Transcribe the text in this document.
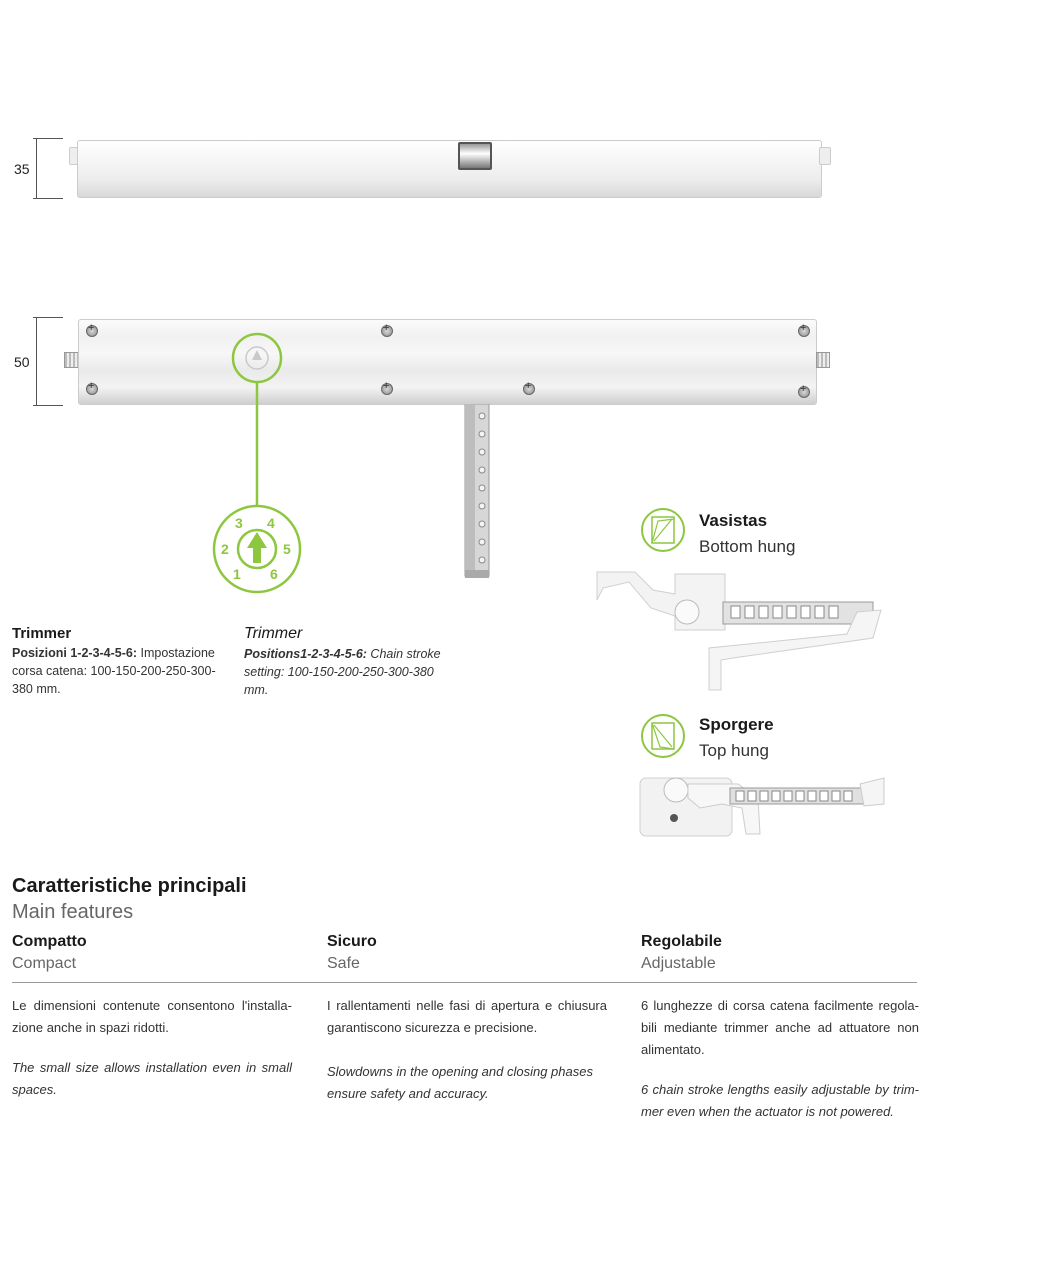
35
50
+
+
+
+
+
+
+
3 4
2	5
1 6
Trimmer
Posizioni 1-2-3-4-5-6: Impostazione corsa catena: 100-150-200-250-300-380 mm.
Trimmer
Positions1-2-3-4-5-6: Chain stroke setting: 100-150-200-250-300-380 mm.
Vasistas
Bottom hung
Sporgere
Top hung
Caratteristiche principali
Main features
Compatto
Compact
Sicuro
Safe
Regolabile
Adjustable
Le dimensioni contenute consentono l'installa-zione anche in spazi ridotti.
The small size allows installation even in small spaces.
I rallentamenti nelle fasi di apertura e chiusura garantiscono sicurezza e precisione.
Slowdowns in the opening and closing phases ensure safety and accuracy.
6 lunghezze di corsa catena facilmente regola-bili mediante trimmer anche ad attuatore non alimentato.
6 chain stroke lengths easily adjustable by trim-mer even when the actuator is not powered.
